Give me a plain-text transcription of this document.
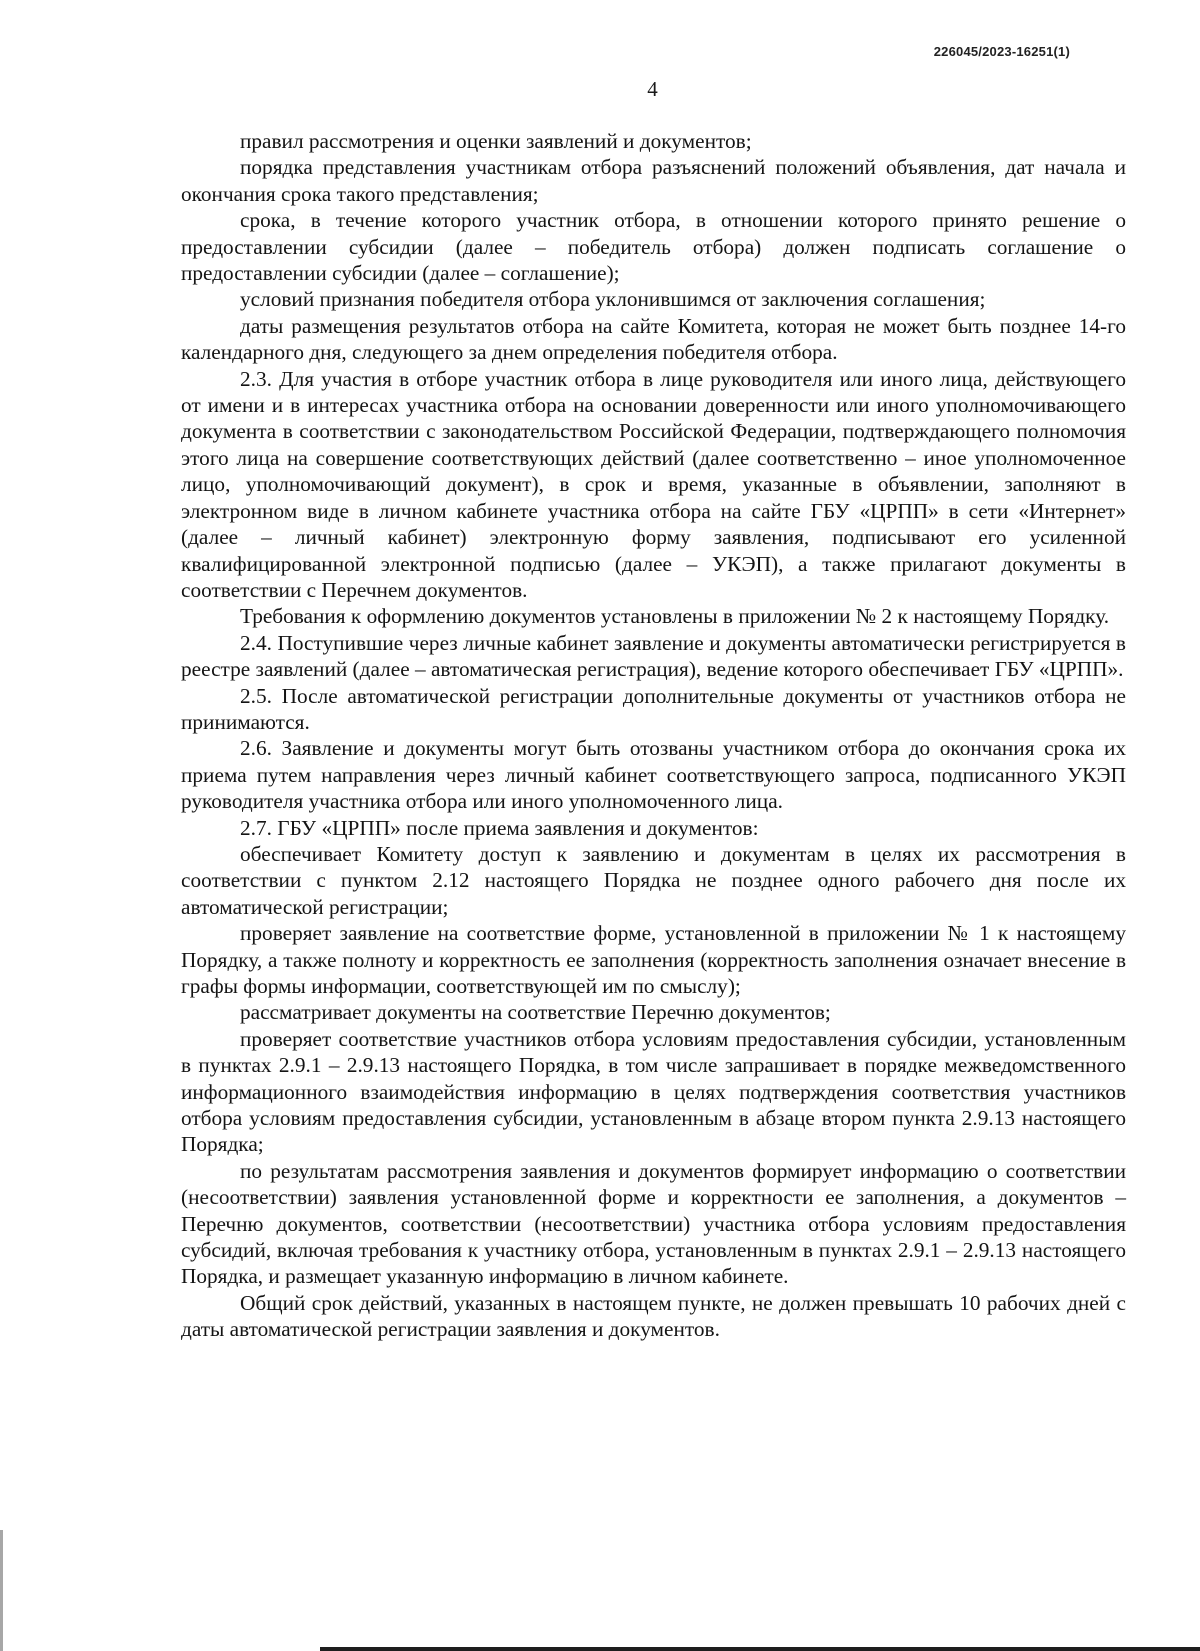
226045/2023-16251(1)
4

правил рассмотрения и оценки заявлений и документов;

порядка представления участникам отбора разъяснений положений объявления, дат начала и окончания срока такого представления;

срока, в течение которого участник отбора, в отношении которого принято решение о предоставлении субсидии (далее – победитель отбора) должен подписать соглашение о предоставлении субсидии (далее – соглашение);

условий признания победителя отбора уклонившимся от заключения соглашения;

даты размещения результатов отбора на сайте Комитета, которая не может быть позднее 14-го календарного дня, следующего за днем определения победителя отбора.

2.3. Для участия в отборе участник отбора в лице руководителя или иного лица, действующего от имени и в интересах участника отбора на основании доверенности или иного уполномочивающего документа в соответствии с законодательством Российской Федерации, подтверждающего полномочия этого лица на совершение соответствующих действий (далее соответственно – иное уполномоченное лицо, уполномочивающий документ), в срок и время, указанные в объявлении, заполняют в электронном виде в личном кабинете участника отбора на сайте ГБУ «ЦРПП» в сети «Интернет» (далее – личный кабинет) электронную форму заявления, подписывают его усиленной квалифицированной электронной подписью (далее – УКЭП), а также прилагают документы в соответствии с Перечнем документов.

Требования к оформлению документов установлены в приложении № 2 к настоящему Порядку.

2.4. Поступившие через личные кабинет заявление и документы автоматически регистрируется в реестре заявлений (далее – автоматическая регистрация), ведение которого обеспечивает ГБУ «ЦРПП».

2.5. После автоматической регистрации дополнительные документы от участников отбора не принимаются.

2.6. Заявление и документы могут быть отозваны участником отбора до окончания срока их приема путем направления через личный кабинет соответствующего запроса, подписанного УКЭП руководителя участника отбора или иного уполномоченного лица.

2.7. ГБУ «ЦРПП» после приема заявления и документов:

обеспечивает Комитету доступ к заявлению и документам в целях их рассмотрения в соответствии с пунктом 2.12 настоящего Порядка не позднее одного рабочего дня после их автоматической регистрации;

проверяет заявление на соответствие форме, установленной в приложении № 1 к настоящему Порядку, а также полноту и корректность ее заполнения (корректность заполнения означает внесение в графы формы информации, соответствующей им по смыслу);

рассматривает документы на соответствие Перечню документов;

проверяет соответствие участников отбора условиям предоставления субсидии, установленным в пунктах 2.9.1 – 2.9.13 настоящего Порядка, в том числе запрашивает в порядке межведомственного информационного взаимодействия информацию в целях подтверждения соответствия участников отбора условиям предоставления субсидии, установленным в абзаце втором пункта 2.9.13 настоящего Порядка;

по результатам рассмотрения заявления и документов формирует информацию о соответствии (несоответствии) заявления установленной форме и корректности ее заполнения, а документов – Перечню документов, соответствии (несоответствии) участника отбора условиям предоставления субсидий, включая требования к участнику отбора, установленным в пунктах 2.9.1 – 2.9.13 настоящего Порядка, и размещает указанную информацию в личном кабинете.

Общий срок действий, указанных в настоящем пункте, не должен превышать 10 рабочих дней с даты автоматической регистрации заявления и документов.
